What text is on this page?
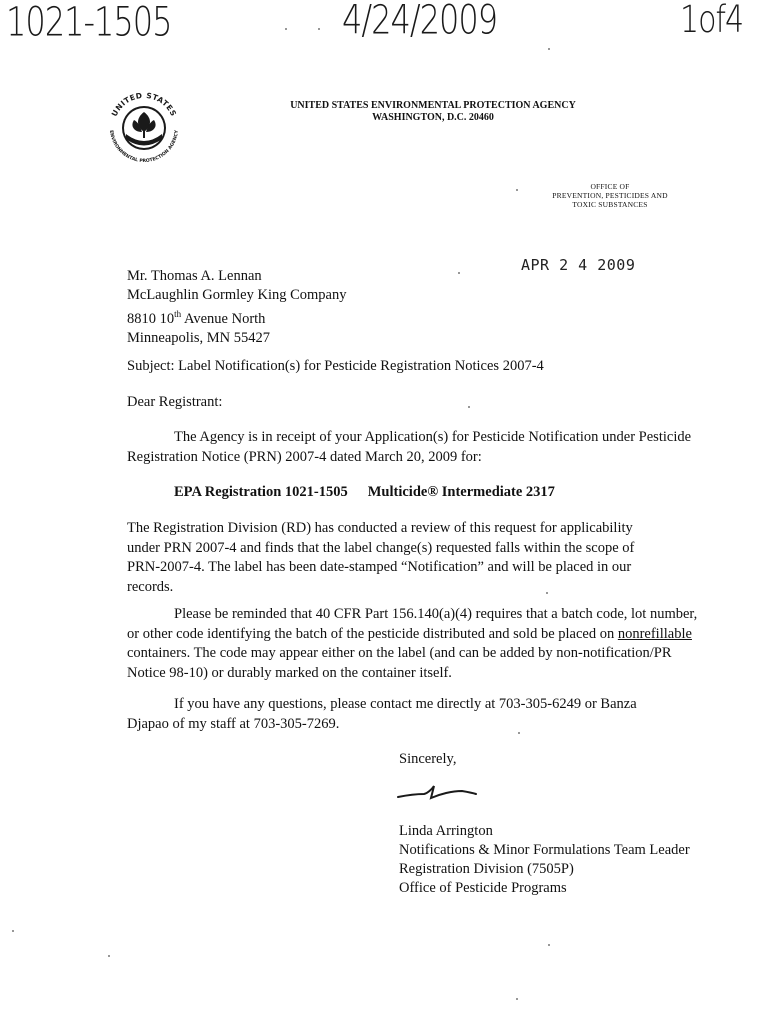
1021-1505	4/24/2009	1of4
UNITED STATES
ENVIRONMENTAL PROTECTION AGENCY
UNITED STATES ENVIRONMENTAL PROTECTION AGENCY
WASHINGTON, D.C. 20460
OFFICE OF
PREVENTION, PESTICIDES AND
TOXIC SUBSTANCES
APR 2 4 2009
Mr. Thomas A. Lennan
McLaughlin Gormley King Company
8810 10th Avenue North
Minneapolis, MN 55427
Subject: Label Notification(s) for Pesticide Registration Notices 2007-4
Dear Registrant:
The Agency is in receipt of your Application(s) for Pesticide Notification under Pesticide Registration Notice (PRN) 2007-4 dated March 20, 2009 for:
EPA Registration 1021-1505 Multicide® Intermediate 2317
The Registration Division (RD) has conducted a review of this request for applicability under PRN 2007-4 and finds that the label change(s) requested falls within the scope of PRN-2007-4. The label has been date-stamped “Notification” and will be placed in our records.
Please be reminded that 40 CFR Part 156.140(a)(4) requires that a batch code, lot number, or other code identifying the batch of the pesticide distributed and sold be placed on nonrefillable containers. The code may appear either on the label (and can be added by non-notification/PR Notice 98-10) or durably marked on the container itself.
If you have any questions, please contact me directly at 703-305-6249 or Banza Djapao of my staff at 703-305-7269.
Sincerely,
Linda Arrington
Notifications & Minor Formulations Team Leader
Registration Division (7505P)
Office of Pesticide Programs
